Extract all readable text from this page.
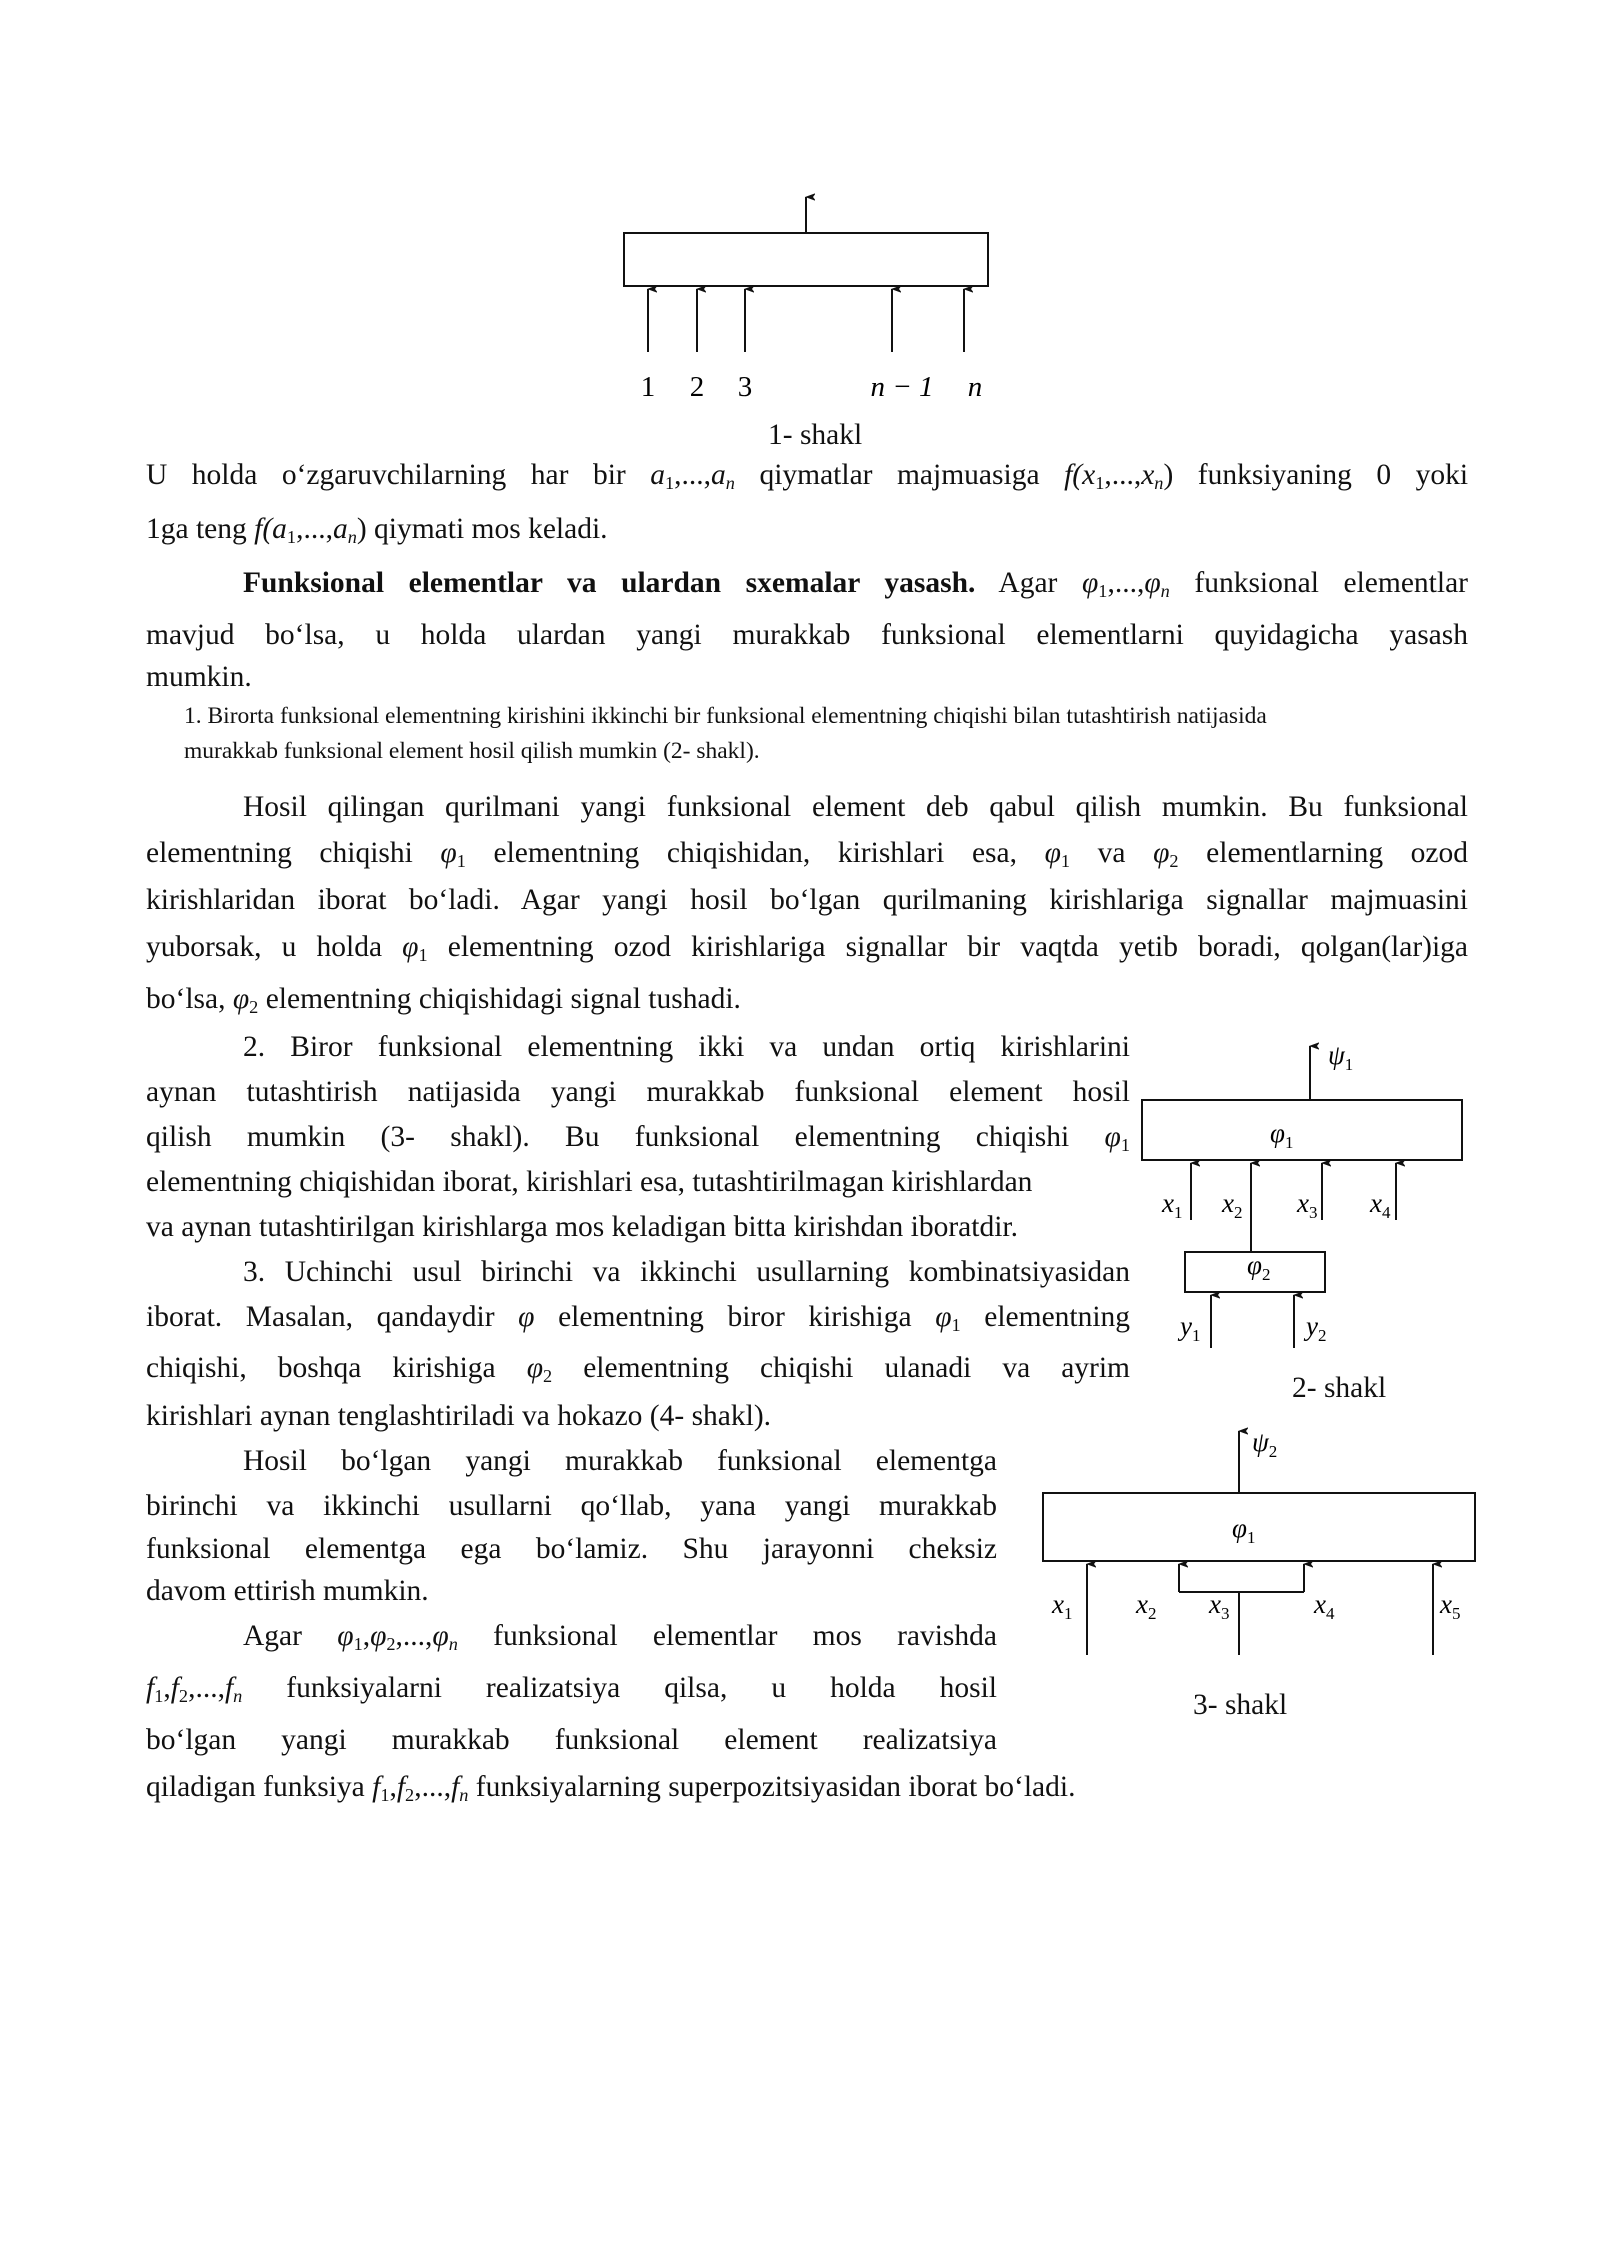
1 2 3	n − 1 n
1- shakl
U holda o‘zgaruvchilarning har bir $a_1,...,a_n$ qiymatlar majmuasiga $f(x_1,...,x_n)$ funksiyaning 0 yoki
1ga teng $f(a_1,...,a_n)$ qiymati mos keladi.
Funksional elementlar va ulardan sxemalar yasash. Agar $\varphi_1,...,\varphi_n$ funksional elementlar
mavjud bo‘lsa, u holda ulardan yangi murakkab funksional elementlarni quyidagicha yasash
mumkin.
1. Birorta funksional elementning kirishini ikkinchi bir funksional elementning chiqishi bilan tutashtirish natijasida
murakkab funksional element hosil qilish mumkin (2- shakl).
Hosil qilingan qurilmani yangi funksional element deb qabul qilish mumkin. Bu funksional
elementning chiqishi $\varphi_1$ elementning chiqishidan, kirishlari esa, $\varphi_1$ va $\varphi_2$ elementlarning ozod
kirishlaridan iborat bo‘ladi. Agar yangi hosil bo‘lgan qurilmaning kirishlariga signallar majmuasini
yuborsak, u holda $\varphi_1$ elementning ozod kirishlariga signallar bir vaqtda yetib boradi, qolgan(lar)iga
bo‘lsa, $\varphi_2$ elementning chiqishidagi signal tushadi.
2. Biror funksional elementning ikki va undan ortiq kirishlarini
aynan tutashtirish natijasida yangi murakkab funksional element hosil
qilish mumkin (3- shakl). Bu funksional elementning chiqishi $\varphi_1$
elementning chiqishidan iborat, kirishlari esa, tutashtirilmagan kirishlardan
va aynan tutashtirilgan kirishlarga mos keladigan bitta kirishdan iboratdir.
3. Uchinchi usul birinchi va ikkinchi usullarning kombinatsiyasidan
iborat. Masalan, qandaydir φ elementning biror kirishiga $\varphi_1$ elementning
chiqishi, boshqa kirishiga $\varphi_2$ elementning chiqishi ulanadi va ayrim
kirishlari aynan tenglashtiriladi va hokazo (4- shakl).
Hosil bo‘lgan yangi murakkab funksional elementga
birinchi va ikkinchi usullarni qo‘llab, yana yangi murakkab
funksional elementga ega bo‘lamiz. Shu jarayonni cheksiz
davom ettirish mumkin.
Agar $\varphi_1,\varphi_2,...,\varphi_n$ funksional elementlar mos ravishda
$f_1,f_2,...,f_n$ funksiyalarni realizatsiya qilsa, u holda hosil
bo‘lgan yangi murakkab funksional element realizatsiya
qiladigan funksiya $f_1,f_2,...,f_n$ funksiyalarning superpozitsiyasidan iborat bo‘ladi.
$\psi_1$
$\varphi_1$
$x_1$ $x_2$ $x_3$ $x_4$
$\varphi_2$
$y_1$	$y_2$
2- shakl
$\psi_2$
$\varphi_1$
$x_1$ $x_2$ $x_3$	$x_4$	$x_5$
3- shakl
